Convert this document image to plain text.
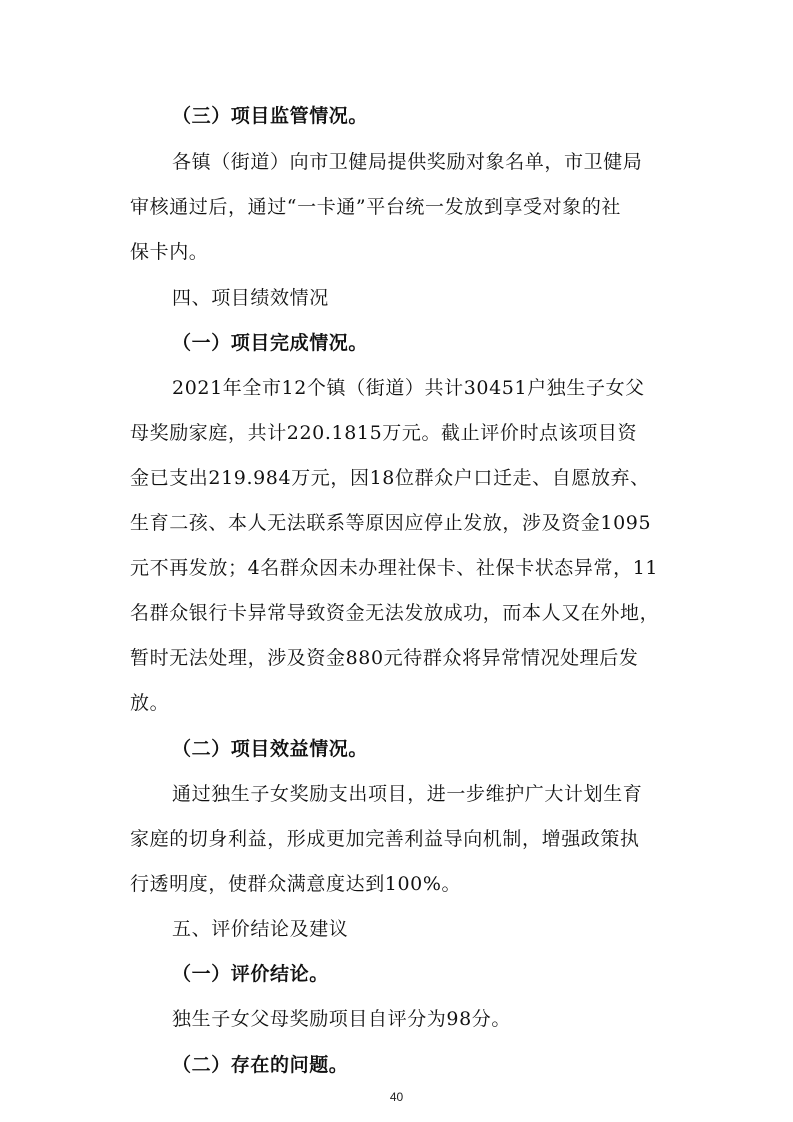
（三）项目监管情况。
各镇（街道）向市卫健局提供奖励对象名单，市卫健局
审核通过后，通过“一卡通”平台统一发放到享受对象的社
保卡内。
四、项目绩效情况
（一）项目完成情况。
2021年全市12个镇（街道）共计30451户独生子女父
母奖励家庭，共计220.1815万元。截止评价时点该项目资
金已支出219.984万元，因18位群众户口迁走、自愿放弃、
生育二孩、本人无法联系等原因应停止发放，涉及资金1095
元不再发放；4名群众因未办理社保卡、社保卡状态异常，11
名群众银行卡异常导致资金无法发放成功，而本人又在外地，
暂时无法处理，涉及资金880元待群众将异常情况处理后发
放。
（二）项目效益情况。
通过独生子女奖励支出项目，进一步维护广大计划生育
家庭的切身利益，形成更加完善利益导向机制，增强政策执
行透明度，使群众满意度达到100%。
五、评价结论及建议
（一）评价结论。
独生子女父母奖励项目自评分为98分。
（二）存在的问题。
40
